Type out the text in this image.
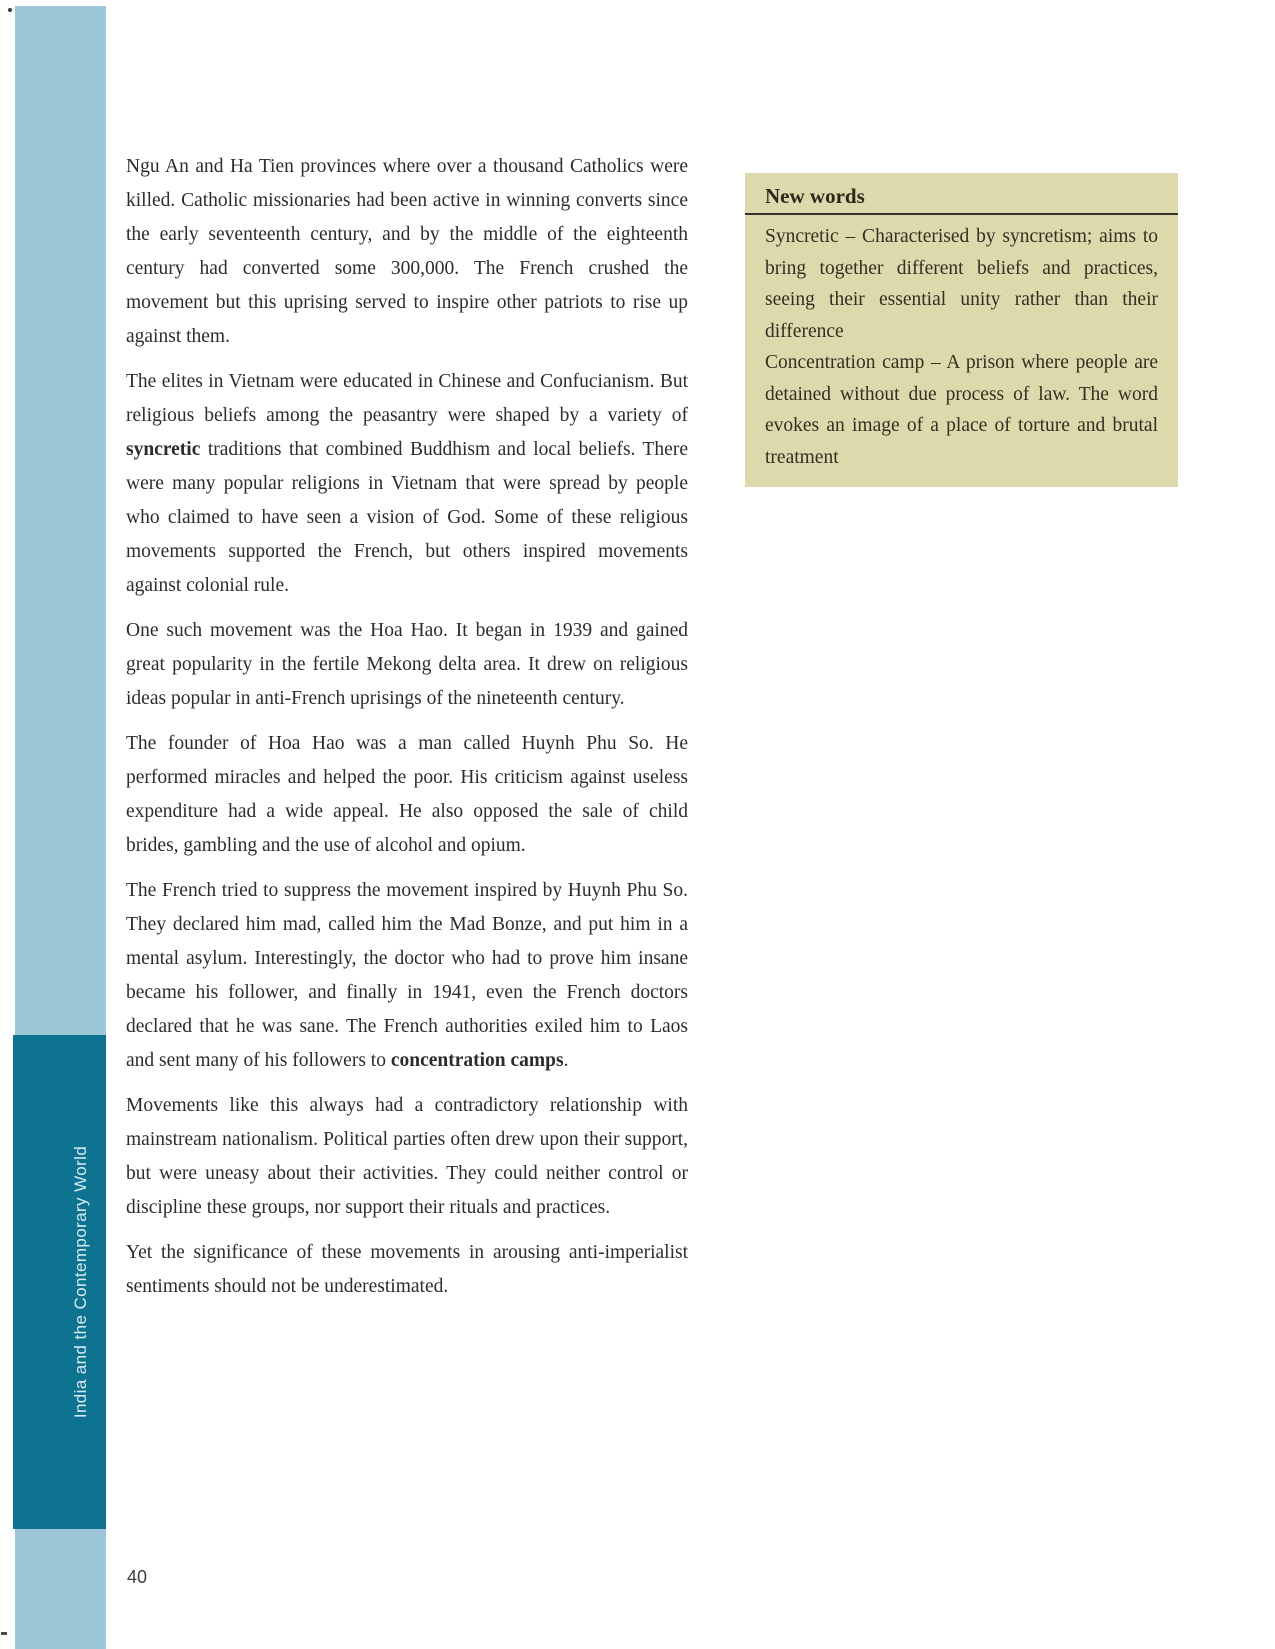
India and the Contemporary World

Ngu An and Ha Tien provinces where over a thousand Catholics were killed. Catholic missionaries had been active in winning converts since the early seventeenth century, and by the middle of the eighteenth century had converted some 300,000. The French crushed the movement but this uprising served to inspire other patriots to rise up against them.

The elites in Vietnam were educated in Chinese and Confucianism. But religious beliefs among the peasantry were shaped by a variety of syncretic traditions that combined Buddhism and local beliefs. There were many popular religions in Vietnam that were spread by people who claimed to have seen a vision of God. Some of these religious movements supported the French, but others inspired movements against colonial rule.

One such movement was the Hoa Hao. It began in 1939 and gained great popularity in the fertile Mekong delta area. It drew on religious ideas popular in anti-French uprisings of the nineteenth century.

The founder of Hoa Hao was a man called Huynh Phu So. He performed miracles and helped the poor. His criticism against useless expenditure had a wide appeal. He also opposed the sale of child brides, gambling and the use of alcohol and opium.

The French tried to suppress the movement inspired by Huynh Phu So. They declared him mad, called him the Mad Bonze, and put him in a mental asylum. Interestingly, the doctor who had to prove him insane became his follower, and finally in 1941, even the French doctors declared that he was sane. The French authorities exiled him to Laos and sent many of his followers to concentration camps.

Movements like this always had a contradictory relationship with mainstream nationalism. Political parties often drew upon their support, but were uneasy about their activities. They could neither control or discipline these groups, nor support their rituals and practices.

Yet the significance of these movements in arousing anti-imperialist sentiments should not be underestimated.

New words

Syncretic – Characterised by syncretism; aims to bring together different beliefs and practices, seeing their essential unity rather than their difference

Concentration camp – A prison where people are detained without due process of law. The word evokes an image of a place of torture and brutal treatment

40
